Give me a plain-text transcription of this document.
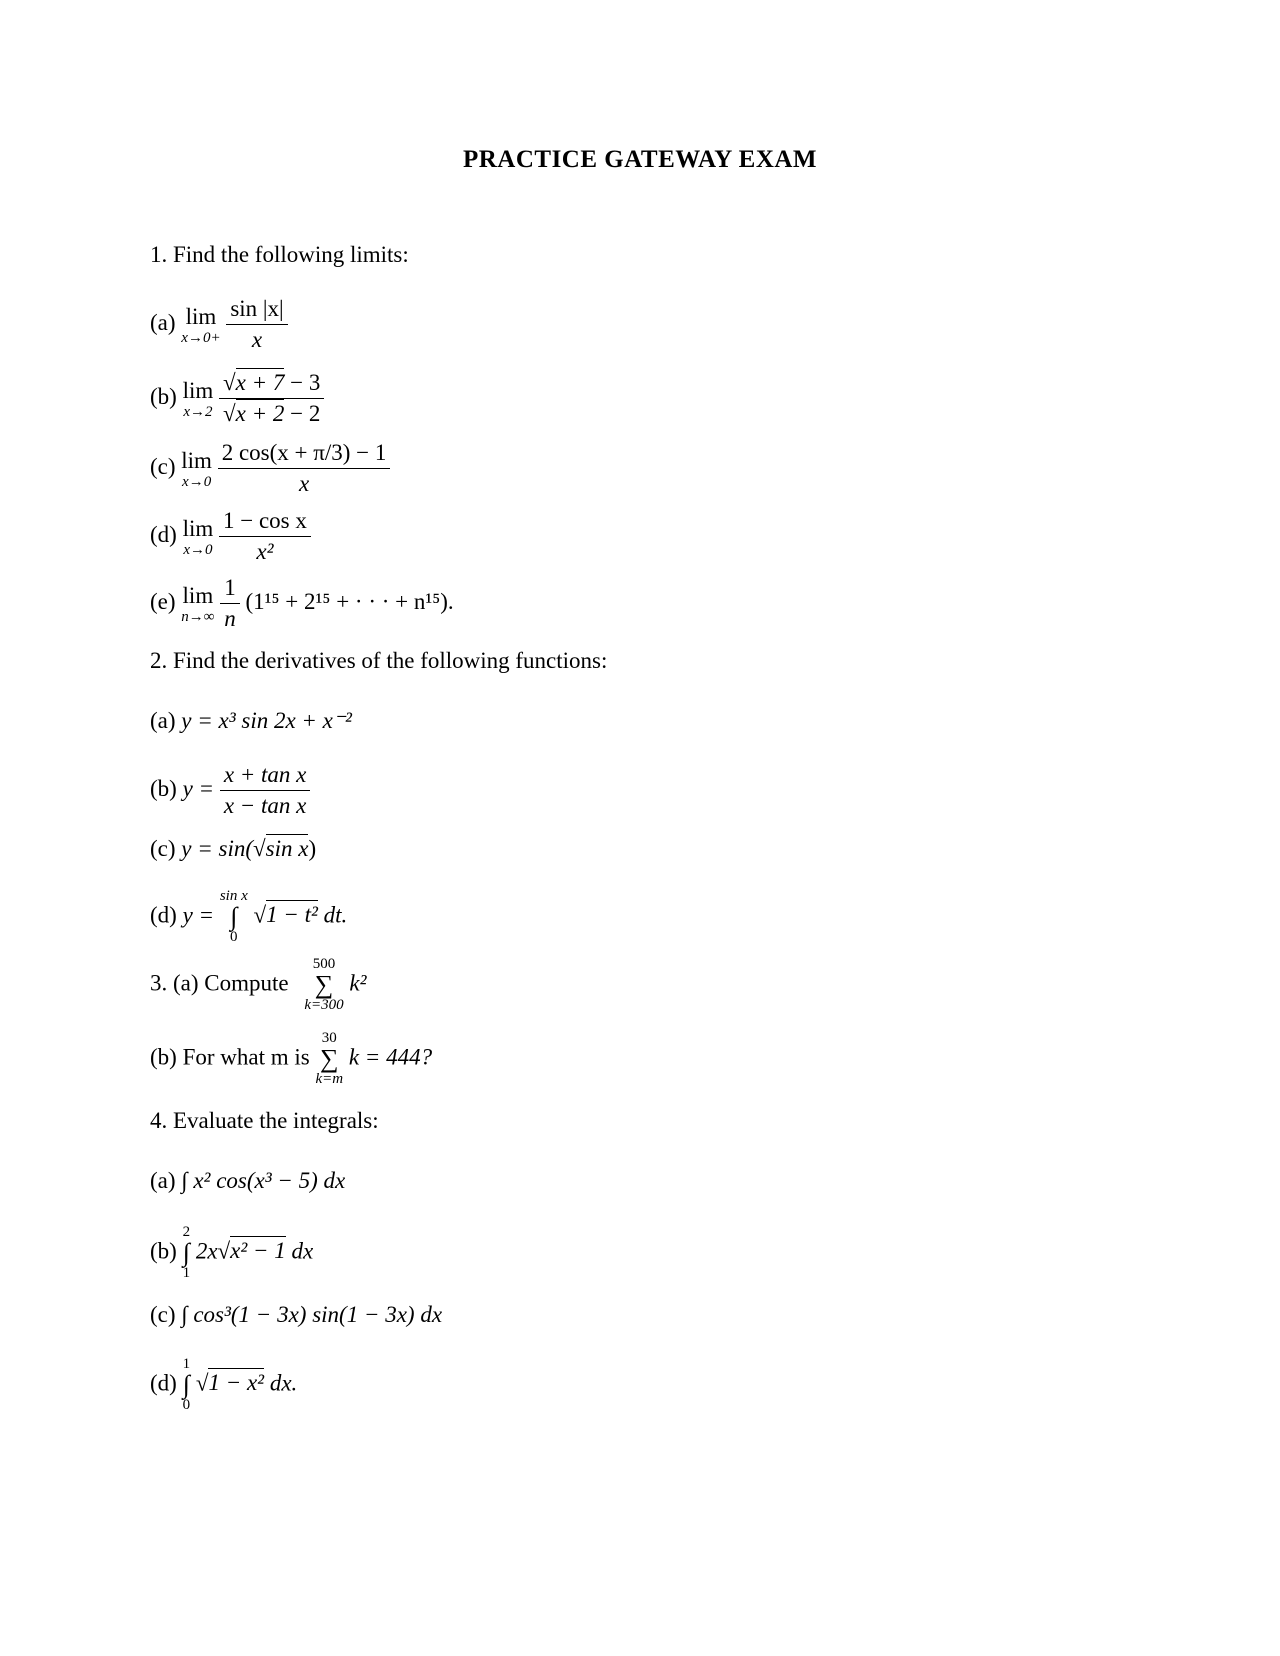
PRACTICE GATEWAY EXAM
1. Find the following limits:
(a) lim
x→0+
$\frac{\sin |x|}{x}$
(b) lim
x→2
$\frac{√x + 7 - 3}{√x + 2 - 2}$
(c) lim
x→0
$\frac{2 \cos(x + \pi/3) - 1}{x}$
(d) lim
x→0
$\frac{\text{1 − cos x}}{\text{x²}}$
(e) lim
n→∞
$\frac{1}{n} (1^{15} + 2^{15}$ + · · · + n¹⁵).
2. Find the derivatives of the following functions:
(a) y = x³ sin 2x + x⁻²
(b) $y = \frac{\text{x + tan x}}{\text{x − tan x}}$
(c) y = sin(√sin x)
(d) y =
sin x
∫
0
√1 − t² dt.
3. (a) Compute
500
∑
k=300
k²
(b) For what m is
30
∑
k=m
k = 444?
4. Evaluate the integrals:
(a) ∫ x² cos(x³ − 5) dx
(b)
2
∫
1
2x√x² − 1 dx
(c) ∫ cos³(1 − 3x) sin(1 − 3x) dx
(d)
1
∫
0
√1 − x² dx.
